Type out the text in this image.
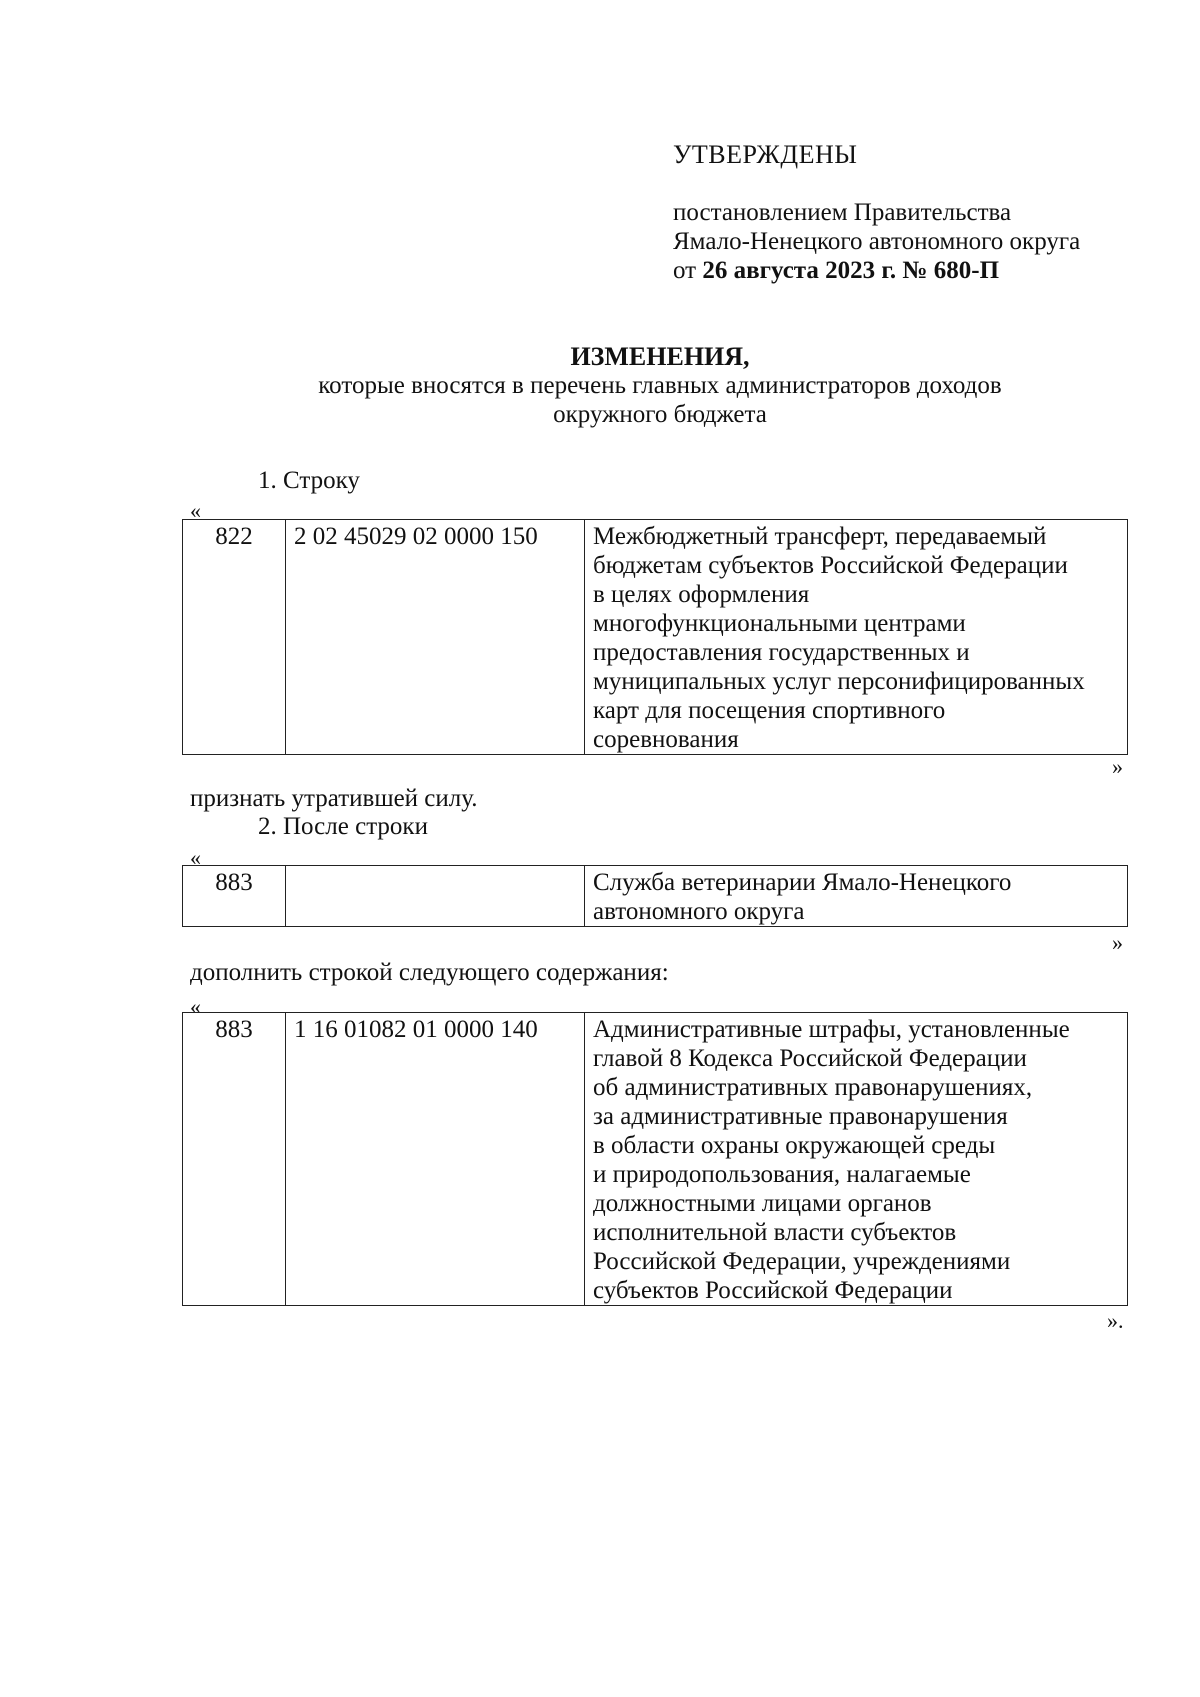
УТВЕРЖДЕНЫ
постановлением Правительства
Ямало-Ненецкого автономного округа
от 26 августа 2023 г. № 680-П
ИЗМЕНЕНИЯ,
которые вносятся в перечень главных администраторов доходов
окружного бюджета
1. Строку
«
822	2 02 45029 02 0000 150	Межбюджетный трансферт, передаваемый
бюджетам субъектов Российской Федерации
в целях оформления
многофункциональными центрами
предоставления государственных и
муниципальных услуг персонифицированных
карт для посещения спортивного
соревнования
»
признать утратившей силу.
2. После строки
«
883		Служба ветеринарии Ямало-Ненецкого
автономного округа
»
дополнить строкой следующего содержания:
«
883	1 16 01082 01 0000 140	Административные штрафы, установленные
главой 8 Кодекса Российской Федерации
об административных правонарушениях,
за административные правонарушения
в области охраны окружающей среды
и природопользования, налагаемые
должностными лицами органов
исполнительной власти субъектов
Российской Федерации, учреждениями
субъектов Российской Федерации
».
